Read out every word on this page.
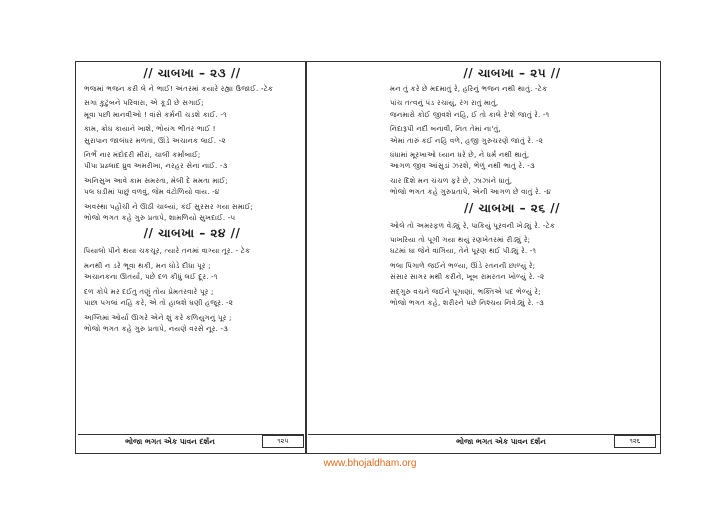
// ચાબખા – ૨૩ //
ભજમાં ભજન કરી લે ને ભાઈ! અંતરમાં કયારે રહ્યા ઉજાઈ. -ટેક
સગા કુટુંબને પરિવારા, એ કૂડી છે સગાઈ;
મૂવા પછી માનવીઓ ! વાંસે કર્મની ચડશે કાઈ. -૧
કામ, ક્રોધ કાયાને ખાશે, ભોયંગ ભીતર ભાઈ !
સુરાપાન જાલંધર મળતાં, ઊંડે અચાનક લાઈ. -૨
નિર્ભે નાર મંદોદરી મીરાં, ચાલી કર્માંબાઈ;
પીપા પ્રહ્લાદ ધ્રુવ અમરીખા, નરહર સેના નાઈ. -૩
અનિસુખ આવે કામ સમરતા, મેલી દે મમતા માઈ;
પલ ઘડીમાં પાછું વળવું, જેમ વંટોળિયો વાય. -૪
અવસ્થા પહોંચી ને ઊઠી ચાલ્યાં, કંઈ સુરસર ગયા સમાઈ;
ભોજો ભગત કહે ગુરુ પ્રતાપે, શામળિયો સુખદાઈ. -૫
// ચાબખા – ૨૪ //
પિયાલો પીને થયા ચકચૂર, ત્યારે તનમાં વાગ્યા તૂર. - ટેક
મનથી ન ડરે ભૂવા થકી, મન ઘોડે દીધા પૂર ;
અચાનકના ઊતર્યા, પછે દળ કીધું લઈ દૂર. -૧
દળ કોપે મર દઈતુ તણું તોય પ્રેમતરવારે પૂર ;
પાછા પગલાં નહિ કરે, એ તો હાલશે ઘણી હજૂર. -૨
અગ્નિમાં ઓર્યા ઊગરે એને શું કરે કળિયુગનું પૂર ;
ભોજો ભગત કહે ગુરુ પ્રતાપે, નયણે વરસે નૂર. -૩
// ચાબખા – ૨૫ //
મન તું કરે છે મદમાતું રે, હરિનું ભજન નથી થાતું. -ટેક
પાંચ તત્વનું પંડ રચાયું, રંગ રાતું માતું,
જનમારો કોઈ જીવશે નહિ, ઈ તો કાલે રે'શે જાતું રે. -૧
નિંદારૂપી નદી બનાવી, નિત તેમાં ના'તું,
એમાં તારું કંઈ નહિ વળે, હજી ગુરુચરણે જાતું રે. -૨
ધંધામાં મૂરખાઓ ધ્યાન ધરે છે, ને ધર્મ નથી થાતું,
આગળ જીવ આંસુડાં ઝરશે, ભેળું નથી ભાતું રે. -૩
ચાર દિશે મન ચંચળ ફરે છે, ઝાઝાંને ધાતું,
ભોજો ભગત કહે ગુરુપ્રતાપે, એની આગળ છે વાતું રે. -૪
// ચાબખા – ૨૬ //
ઓલે તો અમરફળ વેડ્યું રે, પાકિયું પૂરવની ખેડ્યું રે. -ટેક
પાખરિયા તો પૂગી ગયા થયું રણખેતરમાં રીડ્યું રે;
ઘટમાં ઘા જેને વાગિયા, તેને પૂરણ થઈ પીડ્યું રે. -૧
ભલા પિંગાળે જઈને ભળ્યા, ઊંડે રતનની છાળ્યું રે;
સંસાર સાગર મથી કરીને, ખૂબ રામરતન ખોળ્યું રે. -૨
સદ્ગુરુ વચને જઈને પૂગાણાં, ભક્તિએ પદ ભેળ્યું રે;
ભોજો ભગત કહે, શરીરને પછે નિશ્ચય નિવેડ્યું રે. -૩
ભોજા ભગત એક પાવન દર્શન	૧૨૫	ભોજા ભગત એક પાવન દર્શન	૧૨૬
www.bhojaldham.org
